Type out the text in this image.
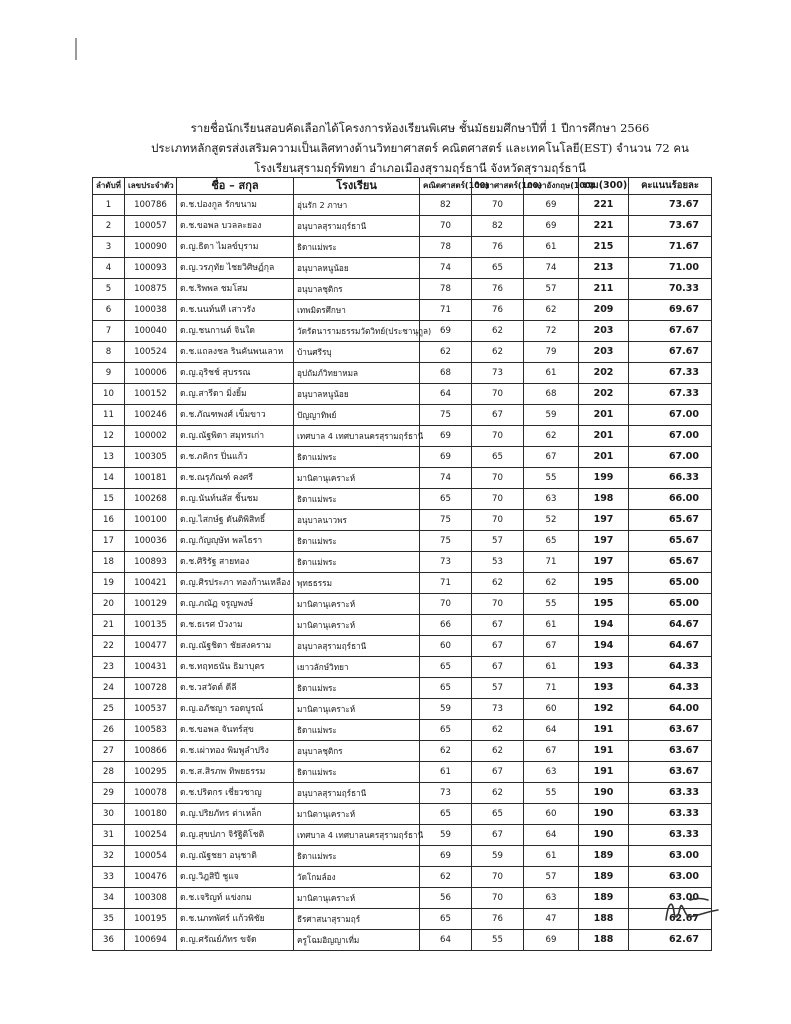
รายชื่อนักเรียนสอบคัดเลือกได้โครงการห้องเรียนพิเศษ ชั้นมัธยมศึกษาปีที่ 1 ปีการศึกษา 2566
ประเภทหลักสูตรส่งเสริมความเป็นเลิศทางด้านวิทยาศาสตร์ คณิตศาสตร์ และเทคโนโลยี(EST) จำนวน 72 คน
โรงเรียนสุรามฤร์พิทยา อำเภอเมืองสุรามฤร์ธานี จังหวัดสุรามฤร์ธานี
ลำดับที่	เลขประจำตัว	ชื่อ – สกุล	โรงเรียน	คณิตศาสตร์(100)	วิทยาศาสตร์(100)	ภาษาอังกฤษ(100)	รวม(300)	คะแนนร้อยละ
1	100786	ด.ช.ปองกูล รักขนาม	อุ่นรัก 2 ภาษา	82	70	69	221	73.67
2	100057	ด.ช.ขอพล บวลละยอง	อนุบาลสุรามฤร์ธานี	70	82	69	221	73.67
3	100090	ด.ญ.ธิดา ไมลข์บุราม	ธิดาแม่พระ	78	76	61	215	71.67
4	100093	ด.ญ.วรภุทัย ไชยวิศิษฏ์กุล	อนุบาลหนูน้อย	74	65	74	213	71.00
5	100875	ด.ช.ริพพล ชมโสม	อนุบาลชุติกร	78	76	57	211	70.33
6	100038	ด.ช.นนท์นที เสาวรัง	เทพมิตรศึกษา	71	76	62	209	69.67
7	100040	ด.ญ.ชนกานต์ จินใด	วัดรัตนารามธรรมวัตวิทย์(ประชานุกูล)	69	62	72	203	67.67
8	100524	ด.ช.แถลงชล รินคันพนเลาห	บ้านศรีรบุ	62	62	79	203	67.67
9	100006	ด.ญ.อุริชช์ สุบรรณ	อุปถัมภ์วิทยาหมล	68	73	61	202	67.33
10	100152	ด.ญ.สารีดา มิ่งยิ้ม	อนุบาลหนูน้อย	64	70	68	202	67.33
11	100246	ด.ช.ภัณฑพงศ์ เข็มขาว	ปัญญาทิพย์	75	67	59	201	67.00
12	100002	ด.ญ.ณัฐพิดา สมุทรเก่า	เทศบาล 4 เทศบาลนครสุรามฤร์ธานี	69	70	62	201	67.00
13	100305	ด.ช.ภคิกร ปิ่นแก้ว	ธิดาแม่พระ	69	65	67	201	67.00
14	100181	ด.ช.ณรุภัณฑ์ คงศรี	มานิตานุเคราะห์	74	70	55	199	66.33
15	100268	ด.ญ.นันท์นลัส ชิ้นชม	ธิดาแม่พระ	65	70	63	198	66.00
16	100100	ด.ญ.ไสกษ์ฐ ดันติพิสิทธิ์	อนุบาลนาวพร	75	70	52	197	65.67
17	100036	ด.ญ.กัญญุษัท พลไธรา	ธิดาแม่พระ	75	57	65	197	65.67
18	100893	ด.ช.ศิริรัฐ สายทอง	ธิดาแม่พระ	73	53	71	197	65.67
19	100421	ด.ญ.ศิรประภา ทองก้านเหลือง	พุทธธรรม	71	62	62	195	65.00
20	100129	ด.ญ.ภณัฏ จรูญพงษ์	มานิตานุเคราะห์	70	70	55	195	65.00
21	100135	ด.ช.ธเรศ บัวงาม	มานิตานุเคราะห์	66	67	61	194	64.67
22	100477	ด.ญ.ณัฐชิดา ชัยสงคราม	อนุบาลสุรามฤร์ธานี	60	67	67	194	64.67
23	100431	ด.ช.ทฤทธนัน ธิมาบุตร	เยาวลักษ์วิทยา	65	67	61	193	64.33
24	100728	ด.ช.วสวัตต์ ดีลี	ธิดาแม่พระ	65	57	71	193	64.33
25	100537	ด.ญ.อภัชญา รอดบูรณ์	มานิตานุเคราะห์	59	73	60	192	64.00
26	100583	ด.ช.ขอพล จันทร์สุข	ธิดาแม่พระ	65	62	64	191	63.67
27	100866	ด.ช.เผ่าทอง พิมพูลำปริง	อนุบาลชุติกร	62	62	67	191	63.67
28	100295	ด.ช.ส.สิรภพ ทิพยธรรม	ธิดาแม่พระ	61	67	63	191	63.67
29	100078	ด.ช.ปริตกร เชี่ยวชาญ	อนุบาลสุรามฤร์ธานี	73	62	55	190	63.33
30	100180	ด.ญ.ปริยภัทร ต่าเหล็ก	มานิตานุเคราะห์	65	65	60	190	63.33
31	100254	ด.ญ.สุขปภา จิรัฐิติโชติ	เทศบาล 4 เทศบาลนครสุรามฤร์ธานี	59	67	64	190	63.33
32	100054	ด.ญ.ณัฐชยา อนุชาติ	ธิดาแม่พระ	69	59	61	189	63.00
33	100476	ด.ญ.วิฎสิปี ชูแจ	วัดโกมล์อง	62	70	57	189	63.00
34	100308	ด.ช.เจริญท์ แข่งกม	มานิตานุเคราะห์	56	70	63	189	63.00
35	100195	ด.ช.นภทพัศร์ แก้วพิชัย	ธีรศาสนาสุรามฤร์	65	76	47	188	62.67
36	100694	ด.ญ.ศรัณย์ภัทร ขจัด	ครูโฉมอิญญาเที่ม	64	55	69	188	62.67
